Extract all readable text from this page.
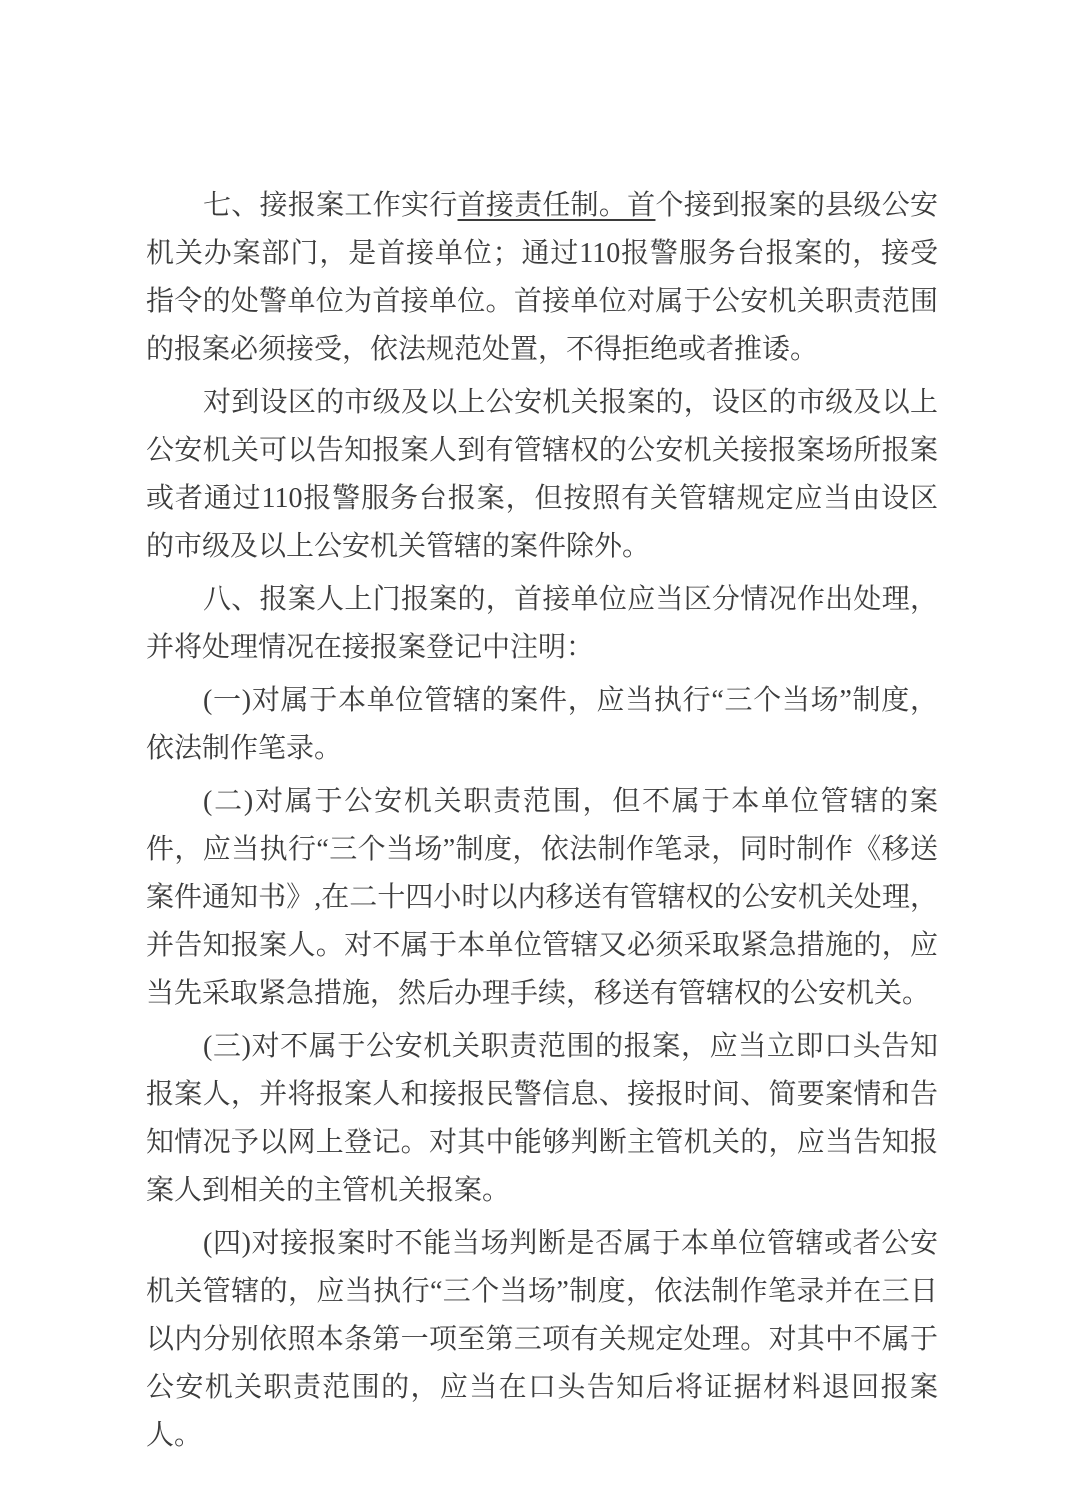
七、接报案工作实行首接责任制。首个接到报案的县级公安机关办案部门，是首接单位；通过110报警服务台报案的，接受指令的处警单位为首接单位。首接单位对属于公安机关职责范围的报案必须接受，依法规范处置，不得拒绝或者推诿。

对到设区的市级及以上公安机关报案的，设区的市级及以上公安机关可以告知报案人到有管辖权的公安机关接报案场所报案或者通过110报警服务台报案，但按照有关管辖规定应当由设区的市级及以上公安机关管辖的案件除外。

八、报案人上门报案的，首接单位应当区分情况作出处理，并将处理情况在接报案登记中注明：

(一)对属于本单位管辖的案件，应当执行“三个当场”制度，依法制作笔录。

(二)对属于公安机关职责范围，但不属于本单位管辖的案件，应当执行“三个当场”制度，依法制作笔录，同时制作《移送案件通知书》,在二十四小时以内移送有管辖权的公安机关处理，并告知报案人。对不属于本单位管辖又必须采取紧急措施的，应当先采取紧急措施，然后办理手续，移送有管辖权的公安机关。

(三)对不属于公安机关职责范围的报案，应当立即口头告知报案人，并将报案人和接报民警信息、接报时间、简要案情和告知情况予以网上登记。对其中能够判断主管机关的，应当告知报案人到相关的主管机关报案。

(四)对接报案时不能当场判断是否属于本单位管辖或者公安机关管辖的，应当执行“三个当场”制度，依法制作笔录并在三日以内分别依照本条第一项至第三项有关规定处理。对其中不属于公安机关职责范围的，应当在口头告知后将证据材料退回报案人。
